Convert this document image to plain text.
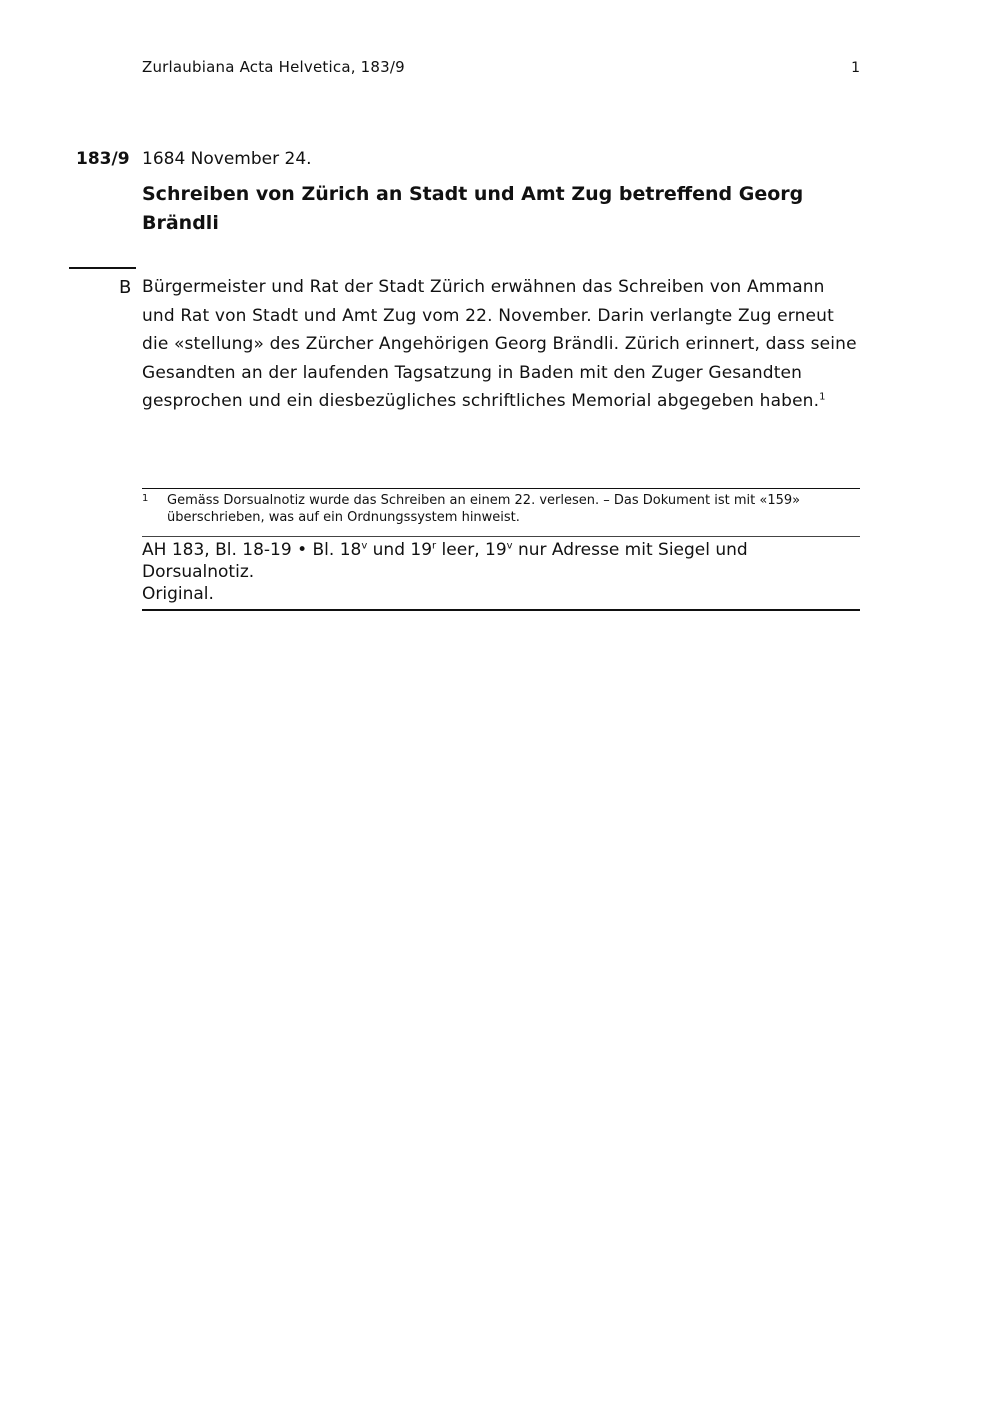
Zurlaubiana Acta Helvetica, 183/9	1
183/9 1684 November 24.
Schreiben von Zürich an Stadt und Amt Zug betreffend Georg Brändli
B Bürgermeister und Rat der Stadt Zürich erwähnen das Schreiben von Ammann und Rat von Stadt und Amt Zug vom 22. November. Darin verlangte Zug erneut die «stellung» des Zürcher Angehörigen Georg Brändli. Zürich erinnert, dass seine Gesandten an der laufenden Tagsatzung in Baden mit den Zuger Gesandten gesprochen und ein diesbezügliches schriftliches Memorial abgegeben haben.$^1$

1 Gemäss Dorsualnotiz wurde das Schreiben an einem 22. verlesen. – Das Dokument ist mit «159» überschrieben, was auf ein Ordnungssystem hinweist.
AH 183, Bl. 18-19 • Bl. 18$^v$ und 19$^r$ leer, 19$^v$ nur Adresse mit Siegel und Dorsualnotiz.
Original.
